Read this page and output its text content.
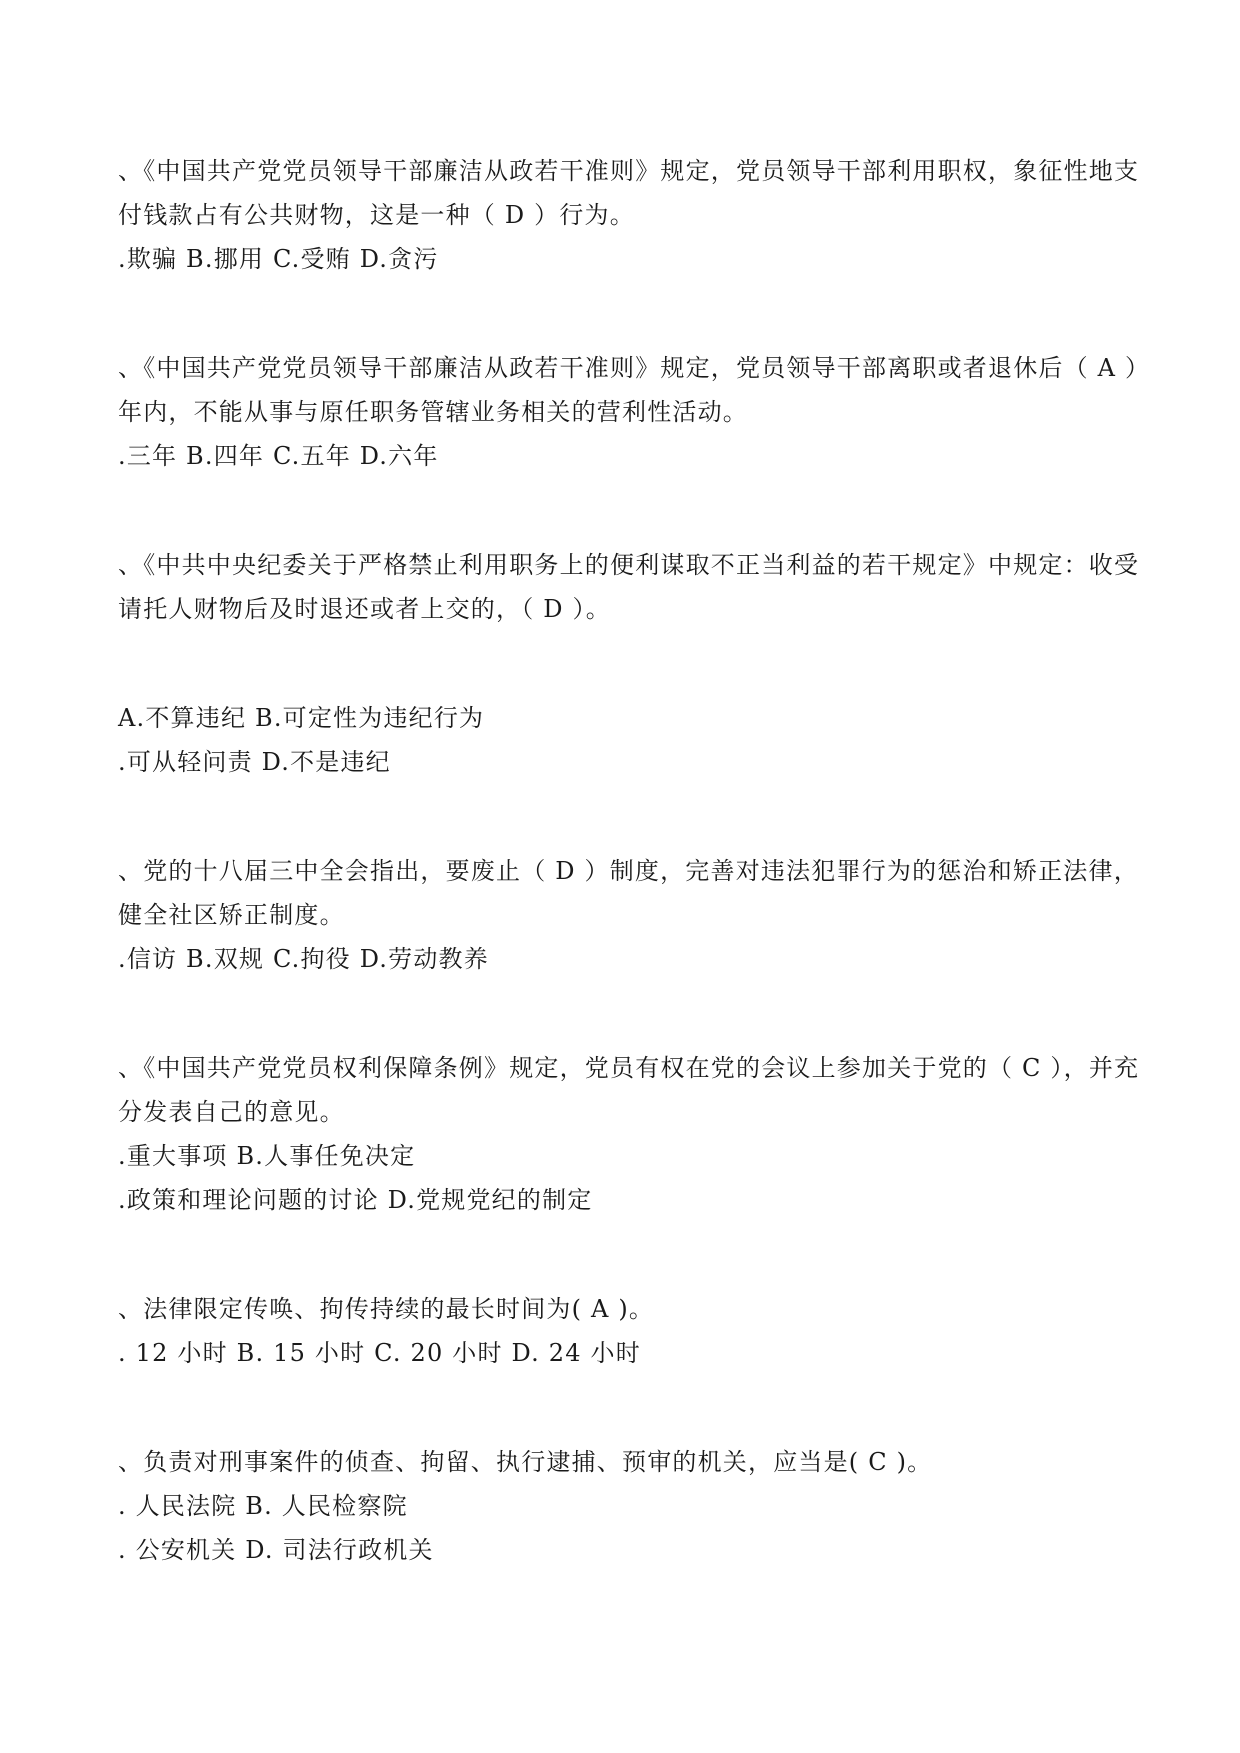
、《中国共产党党员领导干部廉洁从政若干准则》规定，党员领导干部利用职权，象征性地支
付钱款占有公共财物，这是一种（ D ）行为。
.欺骗 B.挪用 C.受贿 D.贪污
、《中国共产党党员领导干部廉洁从政若干准则》规定，党员领导干部离职或者退休后（ A ）
年内，不能从事与原任职务管辖业务相关的营利性活动。
.三年 B.四年 C.五年 D.六年
、《中共中央纪委关于严格禁止利用职务上的便利谋取不正当利益的若干规定》中规定：收受
请托人财物后及时退还或者上交的，（ D ）。
A.不算违纪 B.可定性为违纪行为
.可从轻问责 D.不是违纪
、党的十八届三中全会指出，要废止（ D ）制度，完善对违法犯罪行为的惩治和矫正法律，
健全社区矫正制度。
.信访 B.双规 C.拘役 D.劳动教养
、《中国共产党党员权利保障条例》规定，党员有权在党的会议上参加关于党的（ C ），并充
分发表自己的意见。
.重大事项 B.人事任免决定
.政策和理论问题的讨论 D.党规党纪的制定
、法律限定传唤、拘传持续的最长时间为( A )。
. 12 小时 B. 15 小时 C. 20 小时 D. 24 小时
、负责对刑事案件的侦查、拘留、执行逮捕、预审的机关，应当是( C )。
. 人民法院 B. 人民检察院
. 公安机关 D. 司法行政机关
